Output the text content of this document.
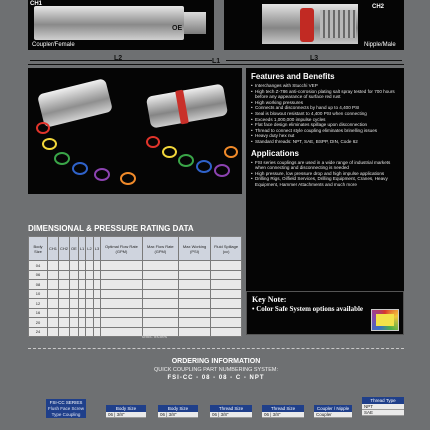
Coupler/Female
CH1
OE
L2
Nipple/Male
CH2
L1	L3
Features and Benefits
• Interchanges with Stucchi VEP
• High tech Z-786 anti-corrosion plating salt spray tested for 700 hours before any appearance of surface red rust
• High working pressures
• Connects and disconnects by hand up to 4,400 PSI
• Seal is blowout resistant to 4,400 PSI when connecting
• Exceeds 1,000,000 impulse cycles
• Flat face design eliminates spillage upon disconnection
• Thread to connect style coupling eliminates brinelling issues
• Heavy duty hex nut
• Standard threads: NPT, SAE, BSPP, DIN, Code 62
Applications
• FSI series couplings are used in a wide range of industrial markets when connecting and disconnecting is needed
• High pressure, low pressure drop and high impulse applications
• Drilling Rigs, Oilfield Services, Drilling Equipment, Cranes, Heavy Equipment, Hammer Attachments and much more
DIMENSIONAL & PRESSURE RATING DATA
Body Size	CH1	CH2	OE	L1	L2	L3	Optimal Flow Rate (GPM)	Max Flow Rate (GPM)	Max Working (PSI)	Fluid Spillage (cc)
04										
06										
08										
10										
12										
16										
20										
24										
units: inches
Key Note:
• Color Safe System options available
ORDERING INFORMATION
QUICK COUPLING PART NUMBERING SYSTEM:
FSI-CC - 08 - 08 - C - NPT
FSI-CC SERIES
Flush Face Screw Type Coupling
Body Size
06 | 3/8"
Body Size
06 | 3/8"
Thread Size
06 | 3/8"
Thread Size
06 | 3/8"
Coupler / Nipple
Coupler
Thread Type
NPT
SAE
